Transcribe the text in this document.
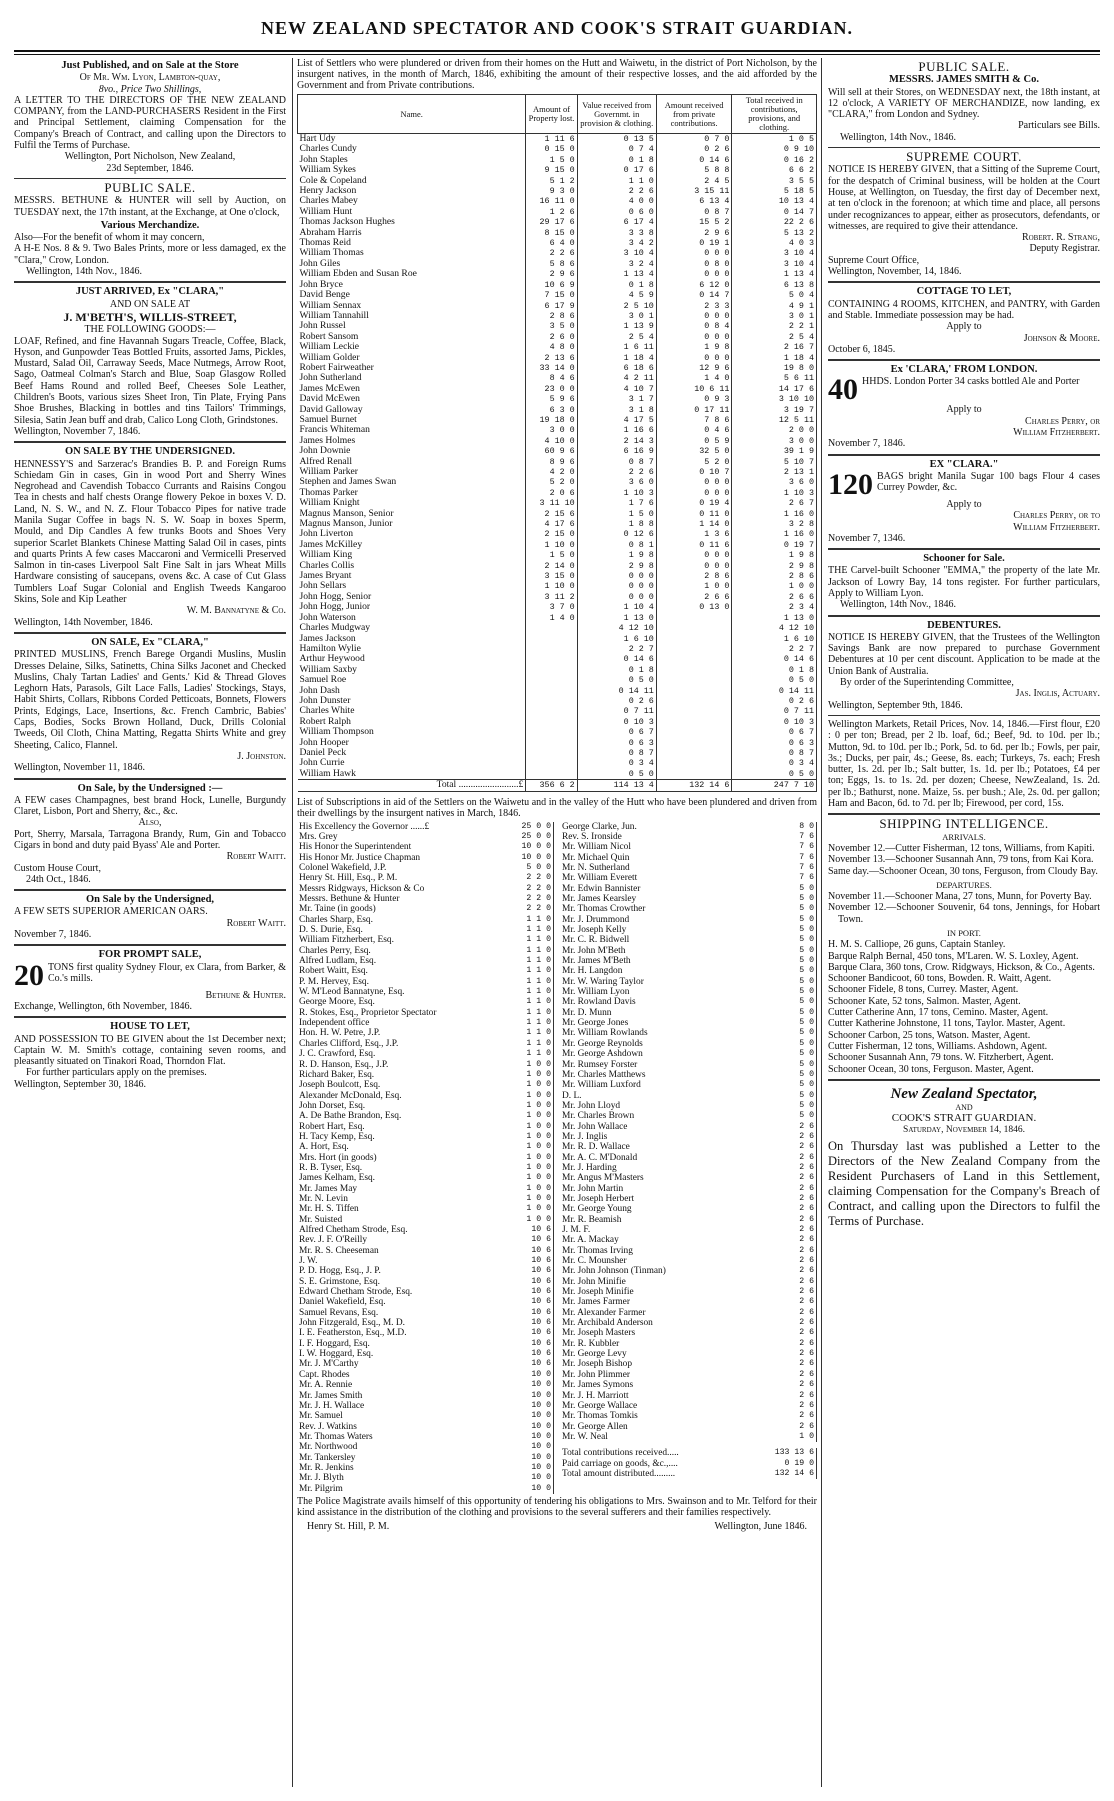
NEW ZEALAND SPECTATOR AND COOK'S STRAIT GUARDIAN.
Just Published, and on Sale at the Store
Of Mr. Wm. Lyon, Lambton-quay,
8vo., Price Two Shillings,

A LETTER TO THE DIRECTORS OF THE NEW ZEALAND COMPANY, from the LAND-PURCHASERS Resident in the First and Principal Settlement, claiming Compensation for the Company's Breach of Contract, and calling upon the Directors to Fulfil the Terms of Purchase.

Wellington, Port Nicholson, New Zealand,
23d September, 1846.
PUBLIC SALE.

MESSRS. BETHUNE & HUNTER will sell by Auction, on TUESDAY next, the 17th instant, at the Exchange, at One o'clock,

Various Merchandize.

Also—For the benefit of whom it may concern,

A H-E Nos. 8 & 9. Two Bales Prints, more or less damaged, ex the "Clara," Crow, London.

Wellington, 14th Nov., 1846.
JUST ARRIVED, Ex "CLARA,"
AND ON SALE AT
J. M'BETH'S, WILLIS-STREET,
THE FOLLOWING GOODS:—

LOAF, Refined, and fine Havannah Sugars Treacle, Coffee, Black, Hyson, and Gunpowder Teas Bottled Fruits, assorted Jams, Pickles, Mustard, Salad Oil, Carraway Seeds, Mace Nutmegs, Arrow Root, Sago, Oatmeal Colman's Starch and Blue, Soap Glasgow Rolled Beef Hams Round and rolled Beef, Cheeses Sole Leather, Children's Boots, various sizes Sheet Iron, Tin Plate, Frying Pans Shoe Brushes, Blacking in bottles and tins Tailors' Trimmings, Silesia, Satin Jean buff and drab, Calico Long Cloth, Grindstones.

Wellington, November 7, 1846.
ON SALE BY THE UNDERSIGNED.

HENNESSY'S and Sarzerac's Brandies B. P. and Foreign Rums Schiedam Gin in cases, Gin in wood Port and Sherry Wines Negrohead and Cavendish Tobacco Currants and Raisins Congou Tea in chests and half chests Orange flowery Pekoe in boxes V. D. Land, N. S. W., and N. Z. Flour Tobacco Pipes for native trade Manila Sugar Coffee in bags N. S. W. Soap in boxes Sperm, Mould, and Dip Candles A few trunks Boots and Shoes Very superior Scarlet Blankets Chinese Matting Salad Oil in cases, pints and quarts Prints A few cases Maccaroni and Vermicelli Preserved Salmon in tin-cases Liverpool Salt Fine Salt in jars Wheat Mills Hardware consisting of saucepans, ovens &c. A case of Cut Glass Tumblers Loaf Sugar Colonial and English Tweeds Kangaroo Skins, Sole and Kip Leather

W. M. Bannatyne & Co.
Wellington, 14th November, 1846.
ON SALE, Ex "CLARA,"

PRINTED MUSLINS, French Barege Organdi Muslins, Muslin Dresses Delaine, Silks, Satinetts, China Silks Jaconet and Checked Muslins, Chaly Tartan Ladies' and Gents.' Kid & Thread Gloves Leghorn Hats, Parasols, Gilt Lace Falls, Ladies' Stockings, Stays, Habit Shirts, Collars, Ribbons Corded Petticoats, Bonnets, Flowers Prints, Edgings, Lace, Insertions, &c. French Cambric, Babies' Caps, Bodies, Socks Brown Holland, Duck, Drills Colonial Tweeds, Oil Cloth, China Matting, Regatta Shirts White and grey Sheeting, Calico, Flannel.

J. Johnston.
Wellington, November 11, 1846.
On Sale, by the Undersigned :—

A FEW cases Champagnes, best brand Hock, Lunelle, Burgundy Claret, Lisbon, Port and Sherry, &c., &c.

Also,

Port, Sherry, Marsala, Tarragona Brandy, Rum, Gin and Tobacco Cigars in bond and duty paid Byass' Ale and Porter.

Robert Waitt.
Custom House Court,
24th Oct., 1846.
On Sale by the Undersigned,

A FEW SETS SUPERIOR AMERICAN OARS.

Robert Waitt.
November 7, 1846.
FOR PROMPT SALE,
20 TONS first quality Sydney Flour, ex Clara, from Barker, & Co.'s mills.

Bethune & Hunter.
Exchange, Wellington, 6th November, 1846.
HOUSE TO LET,

AND POSSESSION TO BE GIVEN about the 1st December next; Captain W. M. Smith's cottage, containing seven rooms, and pleasantly situated on Tinakori Road, Thorndon Flat.

For further particulars apply on the premises.

Wellington, September 30, 1846.

List of Settlers who were plundered or driven from their homes on the Hutt and Waiwetu, in the district of Port Nicholson, by the insurgent natives, in the month of March, 1846, exhibiting the amount of their respective losses, and the aid afforded by the Government and from Private contributions.

Name.	Amount of Property lost.	Value received from Governmt. in provision & clothing.	Amount received from private contributions.	Total received in contributions, provisions, and clothing.
Hart Udy	1 11 6	0 13 5	0 7 0	1 0 5
Charles Cundy	0 15 0	0 7 4	0 2 6	0 9 10
John Staples	1 5 0	0 1 8	0 14 6	0 16 2
William Sykes	9 15 0	0 17 6	5 8 8	6 6 2
Cole & Copeland	5 1 2	1 1 0	2 4 5	3 5 5
Henry Jackson	9 3 0	2 2 6	3 15 11	5 18 5
Charles Mabey	16 11 0	4 0 0	6 13 4	10 13 4
William Hunt	1 2 6	0 6 0	0 8 7	0 14 7
Thomas Jackson Hughes	29 17 6	6 17 4	15 5 2	22 2 6
Abraham Harris	8 15 0	3 3 8	2 9 6	5 13 2
Thomas Reid	6 4 0	3 4 2	0 19 1	4 0 3
William Thomas	2 2 6	3 10 4	0 0 0	3 10 4
John Giles	5 8 6	3 2 4	0 8 0	3 10 4
William Ebden and Susan Roe	2 9 6	1 13 4	0 0 0	1 13 4
John Bryce	10 6 9	0 1 8	6 12 0	6 13 8
David Benge	7 15 0	4 5 9	0 14 7	5 0 4
William Sennax	6 17 9	2 5 10	2 3 3	4 9 1
William Tannahill	2 8 6	3 0 1	0 0 0	3 0 1
John Russel	3 5 0	1 13 9	0 8 4	2 2 1
Robert Sansom	2 6 0	2 5 4	0 0 0	2 5 4
William Leckie	4 8 0	1 6 11	1 9 8	2 16 7
William Golder	2 13 6	1 18 4	0 0 0	1 18 4
Robert Fairweather	33 14 0	6 18 6	12 9 6	19 8 0
John Sutherland	8 4 6	4 2 11	1 4 0	5 6 11
James McEwen	23 0 0	4 10 7	10 6 11	14 17 6
David McEwen	5 9 6	3 1 7	0 9 3	3 10 10
David Galloway	6 3 0	3 1 8	0 17 11	3 19 7
Samuel Burnet	19 18 0	4 17 5	7 8 6	12 5 11
Francis Whiteman	3 0 0	1 16 6	0 4 6	2 0 0
James Holmes	4 10 0	2 14 3	0 5 9	3 0 0
John Downie	60 9 6	6 16 9	32 5 0	39 1 9
Alfred Renall	8 9 6	0 8 7	5 2 0	5 10 7
William Parker	4 2 0	2 2 6	0 10 7	2 13 1
Stephen and James Swan	5 2 0	3 6 0	0 0 0	3 6 0
Thomas Parker	2 0 6	1 10 3	0 0 0	1 10 3
William Knight	3 11 10	1 7 6	0 19 4	2 6 7
Magnus Manson, Senior	2 15 6	1 5 0	0 11 0	1 16 0
Magnus Manson, Junior	4 17 6	1 8 8	1 14 0	3 2 8
John Liverton	2 15 0	0 12 6	1 3 6	1 16 0
James McKilley	1 10 0	0 8 1	0 11 6	0 19 7
William King	1 5 0	1 9 8	0 0 0	1 9 8
Charles Collis	2 14 0	2 9 8	0 0 0	2 9 8
James Bryant	3 15 0	0 0 0	2 8 6	2 8 6
John Sellars	1 10 0	0 0 0	1 0 0	1 0 0
John Hogg, Senior	3 11 2	0 0 0	2 6 6	2 6 6
John Hogg, Junior	3 7 0	1 10 4	0 13 0	2 3 4
John Waterson	1 4 0	1 13 0		1 13 0
Charles Mudgway		4 12 10		4 12 10
James Jackson		1 6 10		1 6 10
Hamilton Wylie		2 2 7		2 2 7
Arthur Heywood		0 14 6		0 14 6
William Saxby		0 1 8		0 1 8
Samuel Roe		0 5 0		0 5 0
John Dash		0 14 11		0 14 11
John Dunster		0 2 6		0 2 6
Charles White		0 7 11		0 7 11
Robert Ralph		0 10 3		0 10 3
William Thompson		0 6 7		0 6 7
John Hooper		0 6 3		0 6 3
Daniel Peck		0 8 7		0 8 7
John Currie		0 3 4		0 3 4
William Hawk		0 5 0		0 5 0
Total .........................£	356 6 2	114 13 4	132 14 6	247 7 10

List of Subscriptions in aid of the Settlers on the Waiwetu and in the valley of the Hutt who have been plundered and driven from their dwellings by the insurgent natives in March, 1846.

His Excellency the Governor ......£	25 0 0
Mrs. Grey	25 0 0
His Honor the Superintendent	10 0 0
His Honor Mr. Justice Chapman	10 0 0
Colonel Wakefield, J.P.	5 0 0
Henry St. Hill, Esq., P. M.	2 2 0
Messrs Ridgways, Hickson & Co	2 2 0
Messrs. Bethune & Hunter	2 2 0
Mr. Taine (in goods)	2 2 0
Charles Sharp, Esq.	1 1 0
D. S. Durie, Esq.	1 1 0
William Fitzherbert, Esq.	1 1 0
Charles Perry, Esq.	1 1 0
Alfred Ludlam, Esq.	1 1 0
Robert Waitt, Esq.	1 1 0
P. M. Hervey, Esq.	1 1 0
W. M'Leod Bannatyne, Esq.	1 1 0
George Moore, Esq.	1 1 0
R. Stokes, Esq., Proprietor Spectator	1 1 0
Independent office	1 1 0
Hon. H. W. Petre, J.P.	1 1 0
Charles Clifford, Esq., J.P.	1 1 0
J. C. Crawford, Esq.	1 1 0
R. D. Hanson, Esq., J.P.	1 0 0
Richard Baker, Esq.	1 0 0
Joseph Boulcott, Esq.	1 0 0
Alexander McDonald, Esq.	1 0 0
John Dorset, Esq.	1 0 0
A. De Bathe Brandon, Esq.	1 0 0
Robert Hart, Esq.	1 0 0
H. Tacy Kemp, Esq.	1 0 0
A. Hort, Esq.	1 0 0
Mrs. Hort (in goods)	1 0 0
R. B. Tyser, Esq.	1 0 0
James Kelham, Esq.	1 0 0
Mr. James May	1 0 0
Mr. N. Levin	1 0 0
Mr. H. S. Tiffen	1 0 0
Mr. Suisted	1 0 0
Alfred Chetham Strode, Esq.	10 6
Rev. J. F. O'Reilly	10 6
Mr. R. S. Cheeseman	10 6
J. W.	10 6
P. D. Hogg, Esq., J. P.	10 6
S. E. Grimstone, Esq.	10 6
Edward Chetham Strode, Esq.	10 6
Daniel Wakefield, Esq.	10 6
Samuel Revans, Esq.	10 6
John Fitzgerald, Esq., M. D.	10 6
I. E. Featherston, Esq., M.D.	10 6
I. F. Hoggard, Esq.	10 6
I. W. Hoggard, Esq.	10 6
Mr. J. M'Carthy	10 6
Capt. Rhodes	10 0
Mr. A. Rennie	10 0
Mr. James Smith	10 0
Mr. J. H. Wallace	10 0
Mr. Samuel	10 0
Rev. J. Watkins	10 0
Mr. Thomas Waters	10 0
Mr. Northwood	10 0
Mr. Tankersley	10 0
Mr. R. Jenkins	10 0
Mr. J. Blyth	10 0
Mr. Pilgrim	10 0
George Clarke, Jun.	8 0
Rev. S. Ironside	7 6
Mr. William Nicol	7 6
Mr. Michael Quin	7 6
Mr. N. Sutherland	7 6
Mr. William Everett	7 6
Mr. Edwin Bannister	5 0
Mr. James Kearsley	5 0
Mr. Thomas Crowther	5 0
Mr. J. Drummond	5 0
Mr. Joseph Kelly	5 0
Mr. C. R. Bidwell	5 0
Mr. John M'Beth	5 0
Mr. James M'Beth	5 0
Mr. H. Langdon	5 0
Mr. W. Waring Taylor	5 0
Mr. William Lyon	5 0
Mr. Rowland Davis	5 0
Mr. D. Munn	5 0
Mr. George Jones	5 0
Mr. William Rowlands	5 0
Mr. George Reynolds	5 0
Mr. George Ashdown	5 0
Mr. Rumsey Forster	5 0
Mr. Charles Matthews	5 0
Mr. William Luxford	5 0
D. L.	5 0
Mr. John Lloyd	5 0
Mr. Charles Brown	5 0
Mr. John Wallace	2 6
Mr. J. Inglis	2 6
Mr. R. D. Wallace	2 6
Mr. A. C. M'Donald	2 6
Mr. J. Harding	2 6
Mr. Angus M'Masters	2 6
Mr. John Martin	2 6
Mr. Joseph Herbert	2 6
Mr. George Young	2 6
Mr. R. Beamish	2 6
J. M. F.	2 6
Mr. A. Mackay	2 6
Mr. Thomas Irving	2 6
Mr. C. Mounsher	2 6
Mr. John Johnson (Tinman)	2 6
Mr. John Minifie	2 6
Mr. Joseph Minifie	2 6
Mr. James Farmer	2 6
Mr. Alexander Farmer	2 6
Mr. Archibald Anderson	2 6
Mr. Joseph Masters	2 6
Mr. R. Kubbler	2 6
Mr. George Levy	2 6
Mr. Joseph Bishop	2 6
Mr. John Plimmer	2 6
Mr. James Symons	2 6
Mr. J. H. Marriott	2 6
Mr. George Wallace	2 6
Mr. Thomas Tomkis	2 6
Mr. George Allen	2 6
Mr. W. Neal	1 0
Total contributions received.....	133 13 6
Paid carriage on goods, &c.,....	0 19 0
Total amount distributed.........	132 14 6

The Police Magistrate avails himself of this opportunity of tendering his obligations to Mrs. Swainson and to Mr. Telford for their kind assistance in the distribution of the clothing and provisions to the several sufferers and their families respectively.

Henry St. Hill, P. M.	Wellington, June 1846.
PUBLIC SALE.
MESSRS. JAMES SMITH & Co.

Will sell at their Stores, on WEDNESDAY next, the 18th instant, at 12 o'clock, A VARIETY OF MERCHANDIZE, now landing, ex "CLARA," from London and Sydney.

Particulars see Bills.
Wellington, 14th Nov., 1846.
SUPREME COURT.

NOTICE IS HEREBY GIVEN, that a Sitting of the Supreme Court, for the despatch of Criminal business, will be holden at the Court House, at Wellington, on Tuesday, the first day of December next, at ten o'clock in the forenoon; at which time and place, all persons under recognizances to appear, either as prosecutors, defendants, or witnesses, are required to give their attendance.

Robert. R. Strang,
Deputy Registrar.
Supreme Court Office,
Wellington, November, 14, 1846.
COTTAGE TO LET,

CONTAINING 4 ROOMS, KITCHEN, and PANTRY, with Garden and Stable. Immediate possession may be had.

Apply to
Johnson & Moore.
October 6, 1845.
Ex 'CLARA,' FROM LONDON.
40 HHDS. London Porter 34 casks bottled Ale and Porter

Apply to
Charles Perry, or
William Fitzherbert.
November 7, 1846.
EX "CLARA."
120 BAGS bright Manila Sugar 100 bags Flour 4 cases Currey Powder, &c.

Apply to
Charles Perry, or to
William Fitzherbert.
November 7, 1346.
Schooner for Sale.

THE Carvel-built Schooner "EMMA," the property of the late Mr. Jackson of Lowry Bay, 14 tons register. For further particulars, Apply to William Lyon.

Wellington, 14th Nov., 1846.
DEBENTURES.

NOTICE IS HEREBY GIVEN, that the Trustees of the Wellington Savings Bank are now prepared to purchase Government Debentures at 10 per cent discount. Application to be made at the Union Bank of Australia.

By order of the Superintending Committee,
Jas. Inglis, Actuary.
Wellington, September 9th, 1846.

Wellington Markets, Retail Prices, Nov. 14, 1846.—First flour, £20 : 0 per ton; Bread, per 2 lb. loaf, 6d.; Beef, 9d. to 10d. per lb.; Mutton, 9d. to 10d. per lb.; Pork, 5d. to 6d. per lb.; Fowls, per pair, 3s.; Ducks, per pair, 4s.; Geese, 8s. each; Turkeys, 7s. each; Fresh butter, 1s. 2d. per lb.; Salt butter, 1s. 1d. per lb.; Potatoes, £4 per ton; Eggs, 1s. to 1s. 2d. per dozen; Cheese, NewZealand, 1s. 2d. per lb.; Bathurst, none. Maize, 5s. per bush.; Ale, 2s. 0d. per gallon; Ham and Bacon, 6d. to 7d. per lb; Firewood, per cord, 15s.

SHIPPING INTELLIGENCE.
ARRIVALS.
November 12.—Cutter Fisherman, 12 tons, Williams, from Kapiti.
November 13.—Schooner Susannah Ann, 79 tons, from Kai Kora.
Same day.—Schooner Ocean, 30 tons, Ferguson, from Cloudy Bay.
DEPARTURES.
November 11.—Schooner Mana, 27 tons, Munn, for Poverty Bay.
November 12.—Schooner Souvenir, 64 tons, Jennings, for Hobart Town.
IN PORT.
H. M. S. Calliope, 26 guns, Captain Stanley.
Barque Ralph Bernal, 450 tons, M'Laren. W. S. Loxley, Agent.
Barque Clara, 360 tons, Crow. Ridgways, Hickson, & Co., Agents.
Schooner Bandicoot, 60 tons, Bowden. R. Waitt, Agent.
Schooner Fidele, 8 tons, Currey. Master, Agent.
Schooner Kate, 52 tons, Salmon. Master, Agent.
Cutter Catherine Ann, 17 tons, Cemino. Master, Agent.
Cutter Katherine Johnstone, 11 tons, Taylor. Master, Agent.
Schooner Carbon, 25 tons, Watson. Master, Agent.
Cutter Fisherman, 12 tons, Williams. Ashdown, Agent.
Schooner Susannah Ann, 79 tons. W. Fitzherbert, Agent.
Schooner Ocean, 30 tons, Ferguson. Master, Agent.
New Zealand Spectator,
AND
COOK'S STRAIT GUARDIAN.
Saturday, November 14, 1846.

On Thursday last was published a Letter to the Directors of the New Zealand Company from the Resident Purchasers of Land in this Settlement, claiming Compensation for the Company's Breach of Contract, and calling upon the Directors to fulfil the Terms of Purchase.
